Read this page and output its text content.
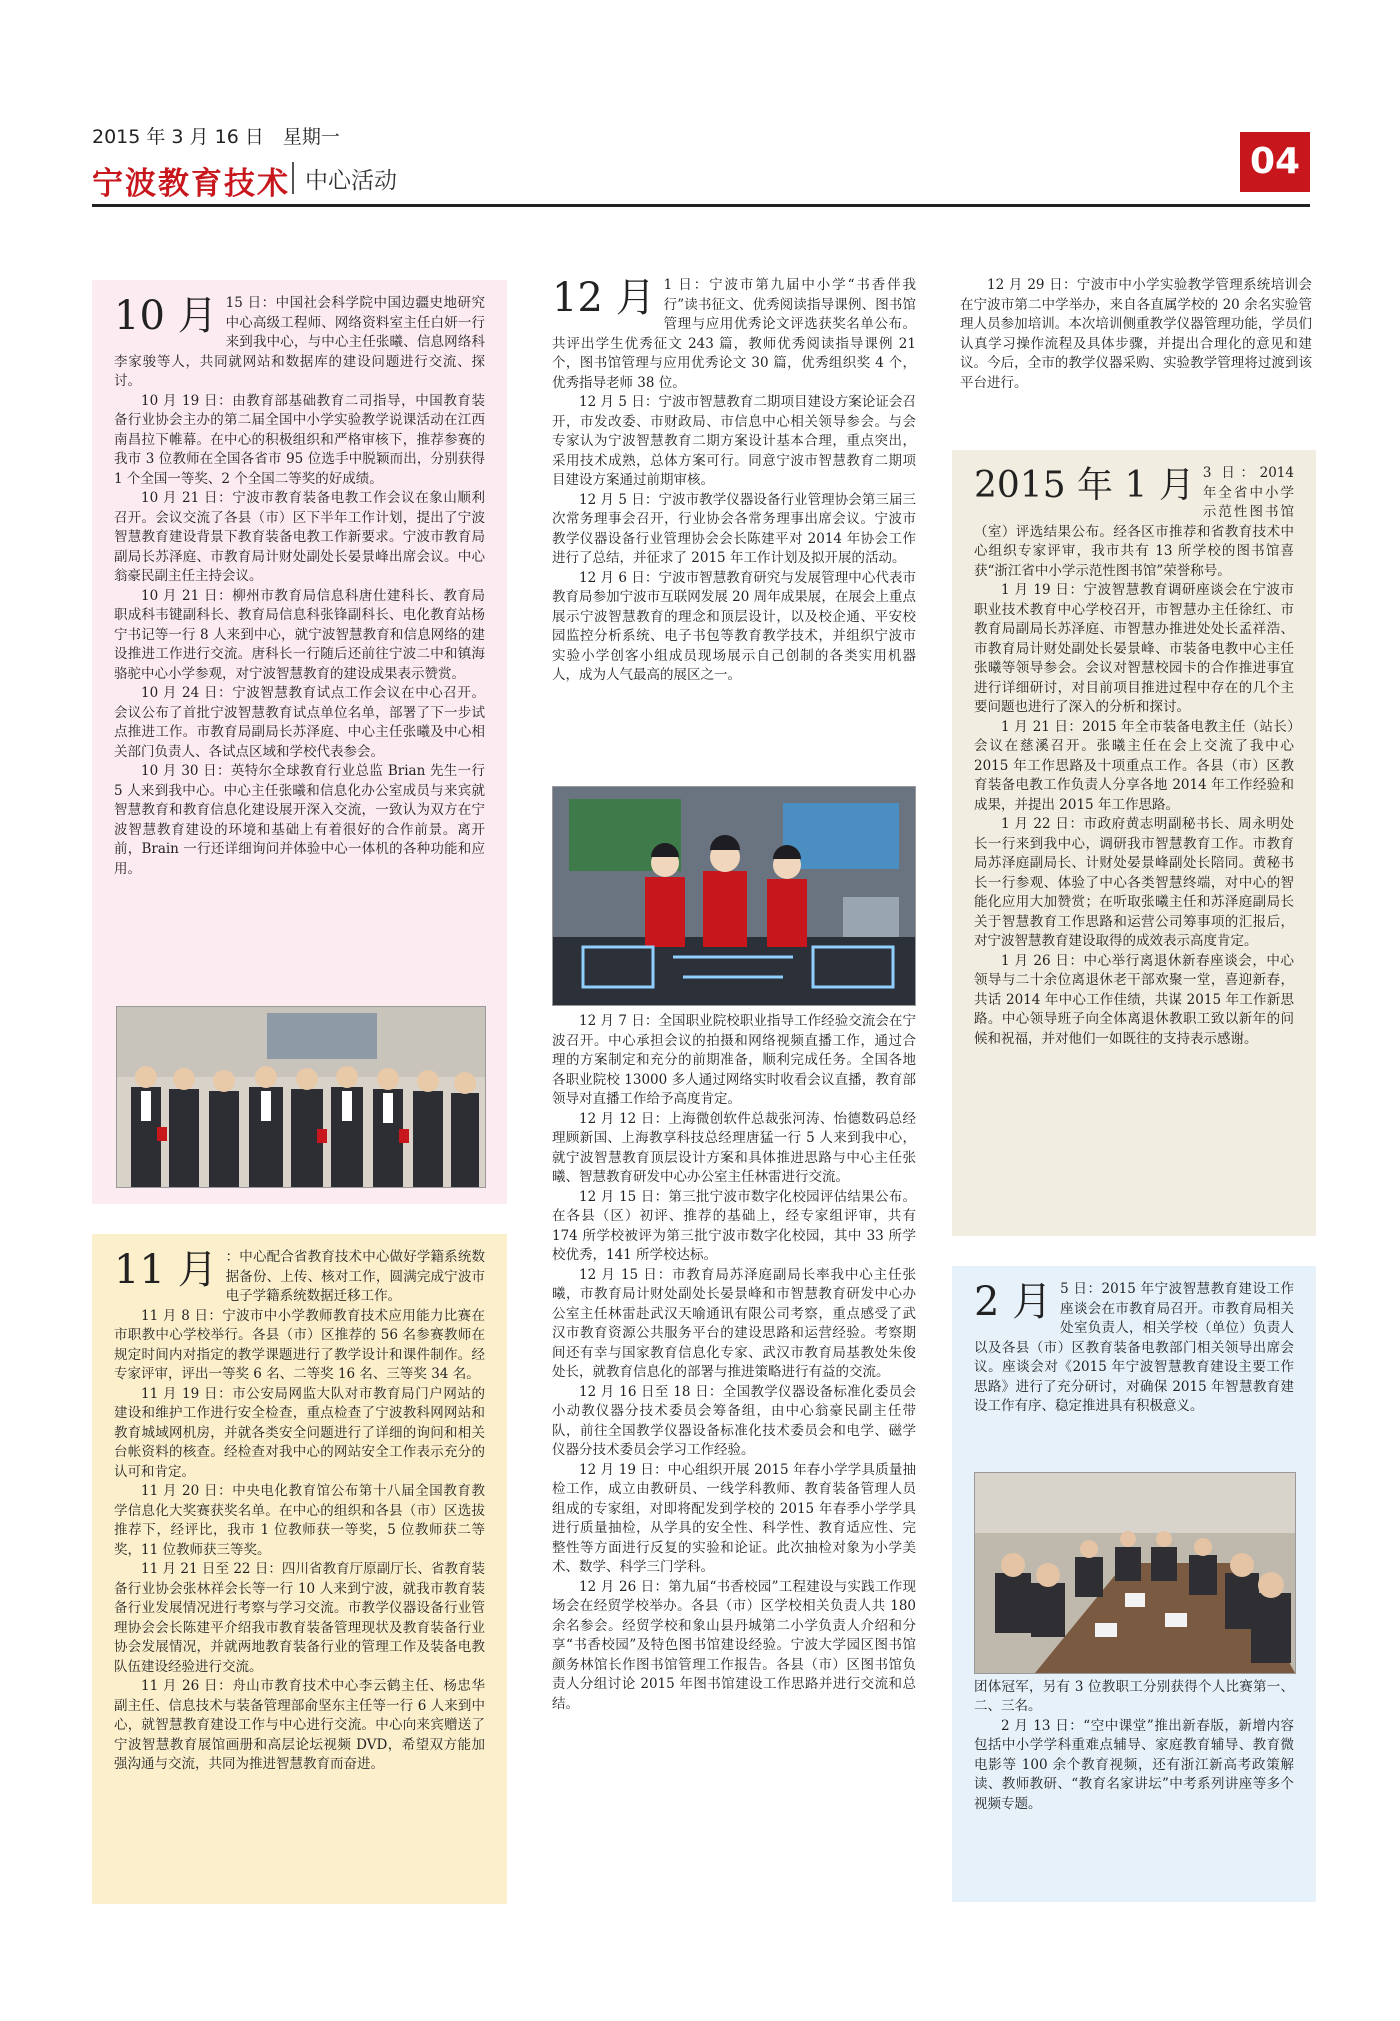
2015 年 3 月 16 日　星期一
宁波教育技术 中心活动	04
10 月 15 日：中国社会科学院中国边疆史地研究中心高级工程师、网络资料室主任白妍一行来到我中心，与中心主任张曦、信息网络科李家骏等人，共同就网站和数据库的建设问题进行交流、探讨。

10 月 19 日：由教育部基础教育二司指导，中国教育装备行业协会主办的第二届全国中小学实验教学说课活动在江西南昌拉下帷幕。在中心的积极组织和严格审核下，推荐参赛的我市 3 位教师在全国各省市 95 位选手中脱颖而出，分别获得 1 个全国一等奖、2 个全国二等奖的好成绩。

10 月 21 日：宁波市教育装备电教工作会议在象山顺利召开。会议交流了各县（市）区下半年工作计划，提出了宁波智慧教育建设背景下教育装备电教工作新要求。宁波市教育局副局长苏泽庭、市教育局计财处副处长晏景峰出席会议。中心翁豪民副主任主持会议。

10 月 21 日：柳州市教育局信息科唐仕建科长、教育局职成科韦键副科长、教育局信息科张锋副科长、电化教育站杨宁书记等一行 8 人来到中心，就宁波智慧教育和信息网络的建设推进工作进行交流。唐科长一行随后还前往宁波二中和镇海骆驼中心小学参观，对宁波智慧教育的建设成果表示赞赏。

10 月 24 日：宁波智慧教育试点工作会议在中心召开。会议公布了首批宁波智慧教育试点单位名单，部署了下一步试点推进工作。市教育局副局长苏泽庭、中心主任张曦及中心相关部门负责人、各试点区域和学校代表参会。

10 月 30 日：英特尔全球教育行业总监 Brian 先生一行 5 人来到我中心。中心主任张曦和信息化办公室成员与来宾就智慧教育和教育信息化建设展开深入交流，一致认为双方在宁波智慧教育建设的环境和基础上有着很好的合作前景。离开前，Brain 一行还详细询问并体验中心一体机的各种功能和应用。

11 月 ：中心配合省教育技术中心做好学籍系统数据备份、上传、核对工作，圆满完成宁波市电子学籍系统数据迁移工作。

11 月 8 日：宁波市中小学教师教育技术应用能力比赛在市职教中心学校举行。各县（市）区推荐的 56 名参赛教师在规定时间内对指定的教学课题进行了教学设计和课件制作。经专家评审，评出一等奖 6 名、二等奖 16 名、三等奖 34 名。

11 月 19 日：市公安局网监大队对市教育局门户网站的建设和维护工作进行安全检查，重点检查了宁波教科网网站和教育城域网机房，并就各类安全问题进行了详细的询问和相关台帐资料的核查。经检查对我中心的网站安全工作表示充分的认可和肯定。

11 月 20 日：中央电化教育馆公布第十八届全国教育教学信息化大奖赛获奖名单。在中心的组织和各县（市）区选拔推荐下，经评比，我市 1 位教师获一等奖，5 位教师获二等奖，11 位教师获三等奖。

11 月 21 日至 22 日：四川省教育厅原副厅长、省教育装备行业协会张林祥会长等一行 10 人来到宁波，就我市教育装备行业发展情况进行考察与学习交流。市教学仪器设备行业管理协会会长陈建平介绍我市教育装备管理现状及教育装备行业协会发展情况，并就两地教育装备行业的管理工作及装备电教队伍建设经验进行交流。

11 月 26 日：舟山市教育技术中心李云鹤主任、杨忠华副主任、信息技术与装备管理部俞坚东主任等一行 6 人来到中心，就智慧教育建设工作与中心进行交流。中心向来宾赠送了宁波智慧教育展馆画册和高层论坛视频 DVD，希望双方能加强沟通与交流，共同为推进智慧教育而奋进。

12 月 1 日：宁波市第九届中小学“书香伴我行”读书征文、优秀阅读指导课例、图书馆管理与应用优秀论文评选获奖名单公布。共评出学生优秀征文 243 篇，教师优秀阅读指导课例 21 个，图书馆管理与应用优秀论文 30 篇，优秀组织奖 4 个，优秀指导老师 38 位。

12 月 5 日：宁波市智慧教育二期项目建设方案论证会召开，市发改委、市财政局、市信息中心相关领导参会。与会专家认为宁波智慧教育二期方案设计基本合理，重点突出，采用技术成熟，总体方案可行。同意宁波市智慧教育二期项目建设方案通过前期审核。

12 月 5 日：宁波市教学仪器设备行业管理协会第三届三次常务理事会召开，行业协会各常务理事出席会议。宁波市教学仪器设备行业管理协会会长陈建平对 2014 年协会工作进行了总结，并征求了 2015 年工作计划及拟开展的活动。

12 月 6 日：宁波市智慧教育研究与发展管理中心代表市教育局参加宁波市互联网发展 20 周年成果展，在展会上重点展示宁波智慧教育的理念和顶层设计，以及校企通、平安校园监控分析系统、电子书包等教育教学技术，并组织宁波市实验小学创客小组成员现场展示自己创制的各类实用机器人，成为人气最高的展区之一。

12 月 7 日：全国职业院校职业指导工作经验交流会在宁波召开。中心承担会议的拍摄和网络视频直播工作，通过合理的方案制定和充分的前期准备，顺利完成任务。全国各地各职业院校 13000 多人通过网络实时收看会议直播，教育部领导对直播工作给予高度肯定。

12 月 12 日：上海微创软件总裁张河涛、怡德数码总经理顾新国、上海教享科技总经理唐猛一行 5 人来到我中心，就宁波智慧教育顶层设计方案和具体推进思路与中心主任张曦、智慧教育研发中心办公室主任林雷进行交流。

12 月 15 日：第三批宁波市数字化校园评估结果公布。在各县（区）初评、推荐的基础上，经专家组评审，共有 174 所学校被评为第三批宁波市数字化校园，其中 33 所学校优秀，141 所学校达标。

12 月 15 日：市教育局苏泽庭副局长率我中心主任张曦，市教育局计财处副处长晏景峰和市智慧教育研发中心办公室主任林雷赴武汉天喻通讯有限公司考察，重点感受了武汉市教育资源公共服务平台的建设思路和运营经验。考察期间还有幸与国家教育信息化专家、武汉市教育局基教处朱俊处长，就教育信息化的部署与推进策略进行有益的交流。

12 月 16 日至 18 日：全国教学仪器设备标准化委员会小动教仪器分技术委员会筹备组，由中心翁豪民副主任带队，前往全国教学仪器设备标准化技术委员会和电学、磁学仪器分技术委员会学习工作经验。

12 月 19 日：中心组织开展 2015 年春小学学具质量抽检工作，成立由教研员、一线学科教师、教育装备管理人员组成的专家组，对即将配发到学校的 2015 年春季小学学具进行质量抽检，从学具的安全性、科学性、教育适应性、完整性等方面进行反复的实验和论证。此次抽检对象为小学美术、数学、科学三门学科。

12 月 26 日：第九届“书香校园”工程建设与实践工作现场会在经贸学校举办。各县（市）区学校相关负责人共 180 余名参会。经贸学校和象山县丹城第二小学负责人介绍和分享“书香校园”及特色图书馆建设经验。宁波大学园区图书馆颜务林馆长作图书馆管理工作报告。各县（市）区图书馆负责人分组讨论 2015 年图书馆建设工作思路并进行交流和总结。

12 月 29 日：宁波市中小学实验教学管理系统培训会在宁波市第二中学举办，来自各直属学校的 20 余名实验管理人员参加培训。本次培训侧重教学仪器管理功能，学员们认真学习操作流程及具体步骤，并提出合理化的意见和建议。今后，全市的教学仪器采购、实验教学管理将过渡到该平台进行。

2015 年 1 月 3 日：2014 年全省中小学示范性图书馆（室）评选结果公布。经各区市推荐和省教育技术中心组织专家评审，我市共有 13 所学校的图书馆喜获“浙江省中小学示范性图书馆”荣誉称号。

1 月 19 日：宁波智慧教育调研座谈会在宁波市职业技术教育中心学校召开，市智慧办主任徐红、市教育局副局长苏泽庭、市智慧办推进处处长孟祥浩、市教育局计财处副处长晏景峰、市装备电教中心主任张曦等领导参会。会议对智慧校园卡的合作推进事宜进行详细研讨，对目前项目推进过程中存在的几个主要问题也进行了深入的分析和探讨。

1 月 21 日：2015 年全市装备电教主任（站长）会议在慈溪召开。张曦主任在会上交流了我中心 2015 年工作思路及十项重点工作。各县（市）区教育装备电教工作负责人分享各地 2014 年工作经验和成果，并提出 2015 年工作思路。

1 月 22 日：市政府黄志明副秘书长、周永明处长一行来到我中心，调研我市智慧教育工作。市教育局苏泽庭副局长、计财处晏景峰副处长陪同。黄秘书长一行参观、体验了中心各类智慧终端，对中心的智能化应用大加赞赏；在听取张曦主任和苏泽庭副局长关于智慧教育工作思路和运营公司筹事项的汇报后，对宁波智慧教育建设取得的成效表示高度肯定。

1 月 26 日：中心举行离退休新春座谈会，中心领导与二十余位离退休老干部欢聚一堂，喜迎新春，共话 2014 年中心工作佳绩，共谋 2015 年工作新思路。中心领导班子向全体离退休教职工致以新年的问候和祝福，并对他们一如既往的支持表示感谢。

2 月 5 日：2015 年宁波智慧教育建设工作座谈会在市教育局召开。市教育局相关处室负责人，相关学校（单位）负责人以及各县（市）区教育装备电教部门相关领导出席会议。座谈会对《2015 年宁波智慧教育建设主要工作思路》进行了充分研讨，对确保 2015 年智慧教育建设工作有序、稳定推进具有积极意义。

团体冠军，另有 3 位教职工分别获得个人比赛第一、二、三名。

2 月 13 日：“空中课堂”推出新春版，新增内容包括中小学学科重难点辅导、家庭教育辅导、教育微电影等 100 余个教育视频，还有浙江新高考政策解读、教师教研、“教育名家讲坛”中考系列讲座等多个视频专题。
